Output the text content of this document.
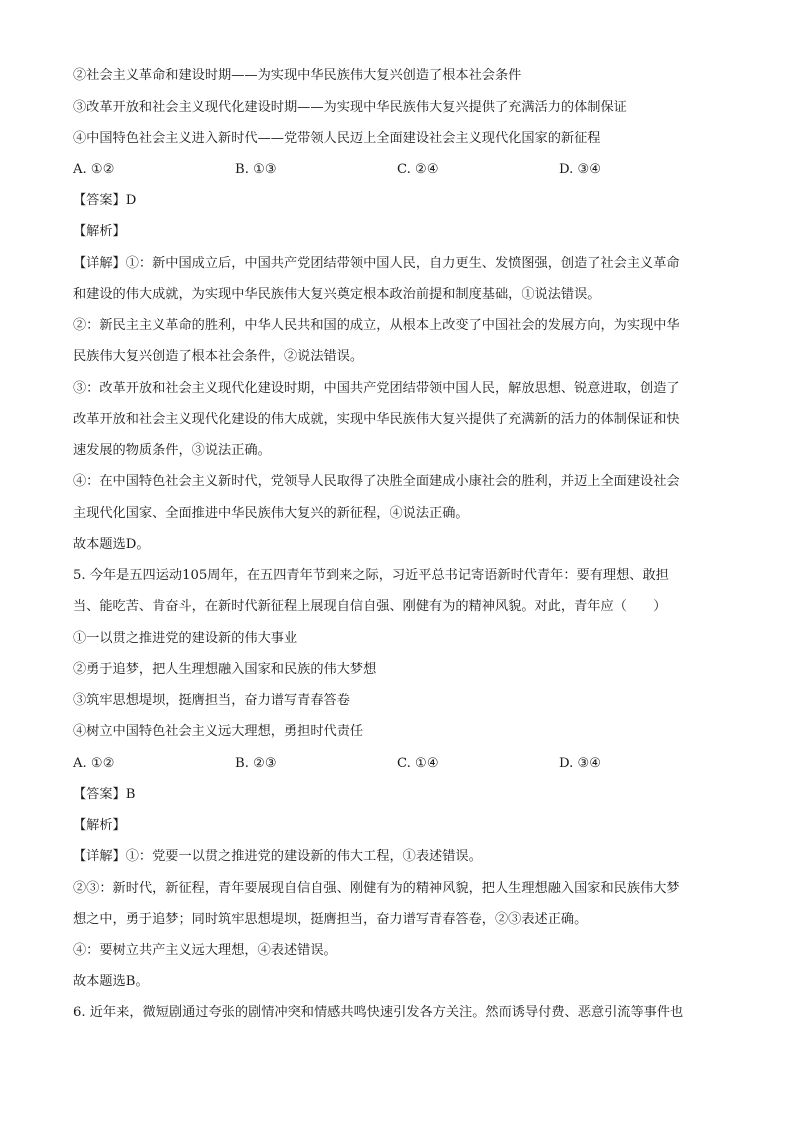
②社会主义革命和建设时期——为实现中华民族伟大复兴创造了根本社会条件
③改革开放和社会主义现代化建设时期——为实现中华民族伟大复兴提供了充满活力的体制保证
④中国特色社会主义进入新时代——党带领人民迈上全面建设社会主义现代化国家的新征程
A. ①②	B. ①③	C. ②④	D. ③④
【答案】D
【解析】
【详解】①：新中国成立后，中国共产党团结带领中国人民，自力更生、发愤图强，创造了社会主义革命
和建设的伟大成就，为实现中华民族伟大复兴奠定根本政治前提和制度基础，①说法错误。
②：新民主主义革命的胜利，中华人民共和国的成立，从根本上改变了中国社会的发展方向，为实现中华
民族伟大复兴创造了根本社会条件，②说法错误。
③：改革开放和社会主义现代化建设时期，中国共产党团结带领中国人民，解放思想、锐意进取，创造了
改革开放和社会主义现代化建设的伟大成就，实现中华民族伟大复兴提供了充满新的活力的体制保证和快
速发展的物质条件，③说法正确。
④：在中国特色社会主义新时代，党领导人民取得了决胜全面建成小康社会的胜利，并迈上全面建设社会
主现代化国家、全面推进中华民族伟大复兴的新征程，④说法正确。
故本题选D。
5. 今年是五四运动105周年，在五四青年节到来之际，习近平总书记寄语新时代青年：要有理想、敢担
当、能吃苦、肯奋斗，在新时代新征程上展现自信自强、刚健有为的精神风貌。对此，青年应（　　）
①一以贯之推进党的建设新的伟大事业
②勇于追梦，把人生理想融入国家和民族的伟大梦想
③筑牢思想堤坝，挺膺担当，奋力谱写青春答卷
④树立中国特色社会主义远大理想，勇担时代责任
A. ①②	B. ②③	C. ①④	D. ③④
【答案】B
【解析】
【详解】①：党要一以贯之推进党的建设新的伟大工程，①表述错误。
②③：新时代，新征程，青年要展现自信自强、刚健有为的精神风貌，把人生理想融入国家和民族伟大梦
想之中，勇于追梦；同时筑牢思想堤坝，挺膺担当，奋力谱写青春答卷，②③表述正确。
④：要树立共产主义远大理想，④表述错误。
故本题选B。
6. 近年来，微短剧通过夸张的剧情冲突和情感共鸣快速引发各方关注。然而诱导付费、恶意引流等事件也
